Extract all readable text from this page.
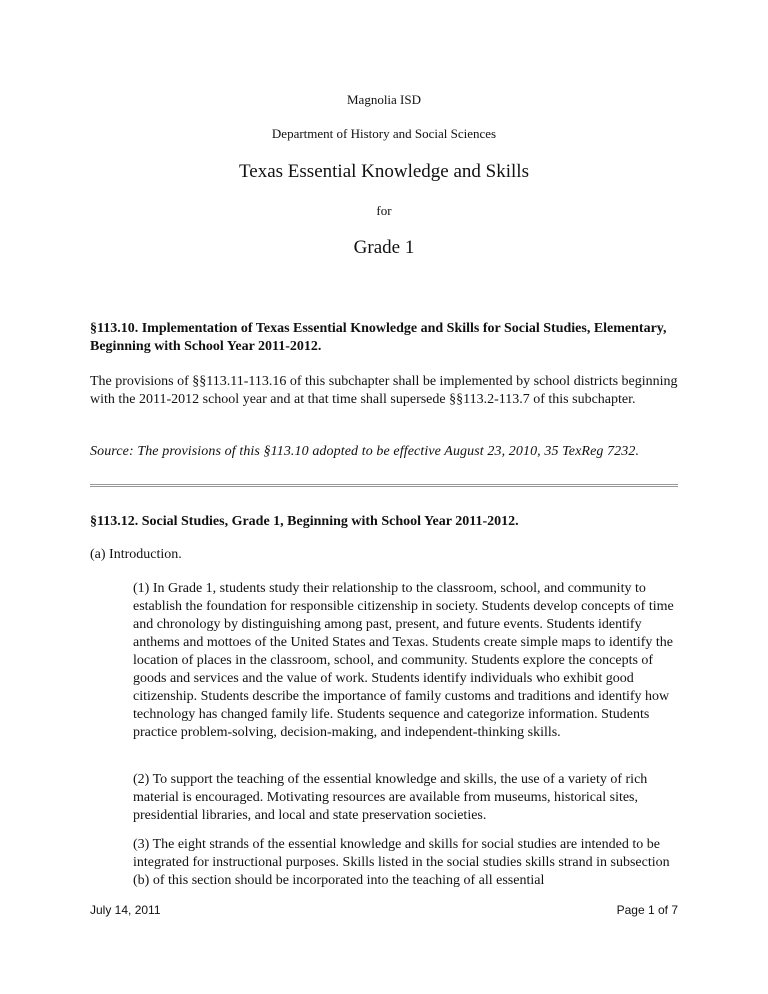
Magnolia ISD
Department of History and Social Sciences
Texas Essential Knowledge and Skills
for
Grade 1
§113.10. Implementation of Texas Essential Knowledge and Skills for Social Studies, Elementary, Beginning with School Year 2011-2012.
The provisions of §§113.11-113.16 of this subchapter shall be implemented by school districts beginning with the 2011-2012 school year and at that time shall supersede §§113.2-113.7 of this subchapter.
Source: The provisions of this §113.10 adopted to be effective August 23, 2010, 35 TexReg 7232.
§113.12. Social Studies, Grade 1, Beginning with School Year 2011-2012.
(a) Introduction.
(1) In Grade 1, students study their relationship to the classroom, school, and community to establish the foundation for responsible citizenship in society. Students develop concepts of time and chronology by distinguishing among past, present, and future events. Students identify anthems and mottoes of the United States and Texas. Students create simple maps to identify the location of places in the classroom, school, and community. Students explore the concepts of goods and services and the value of work. Students identify individuals who exhibit good citizenship. Students describe the importance of family customs and traditions and identify how technology has changed family life. Students sequence and categorize information. Students practice problem-solving, decision-making, and independent-thinking skills.
(2) To support the teaching of the essential knowledge and skills, the use of a variety of rich material is encouraged. Motivating resources are available from museums, historical sites, presidential libraries, and local and state preservation societies.
(3) The eight strands of the essential knowledge and skills for social studies are intended to be integrated for instructional purposes. Skills listed in the social studies skills strand in subsection (b) of this section should be incorporated into the teaching of all essential
July 14, 2011	Page 1 of 7
